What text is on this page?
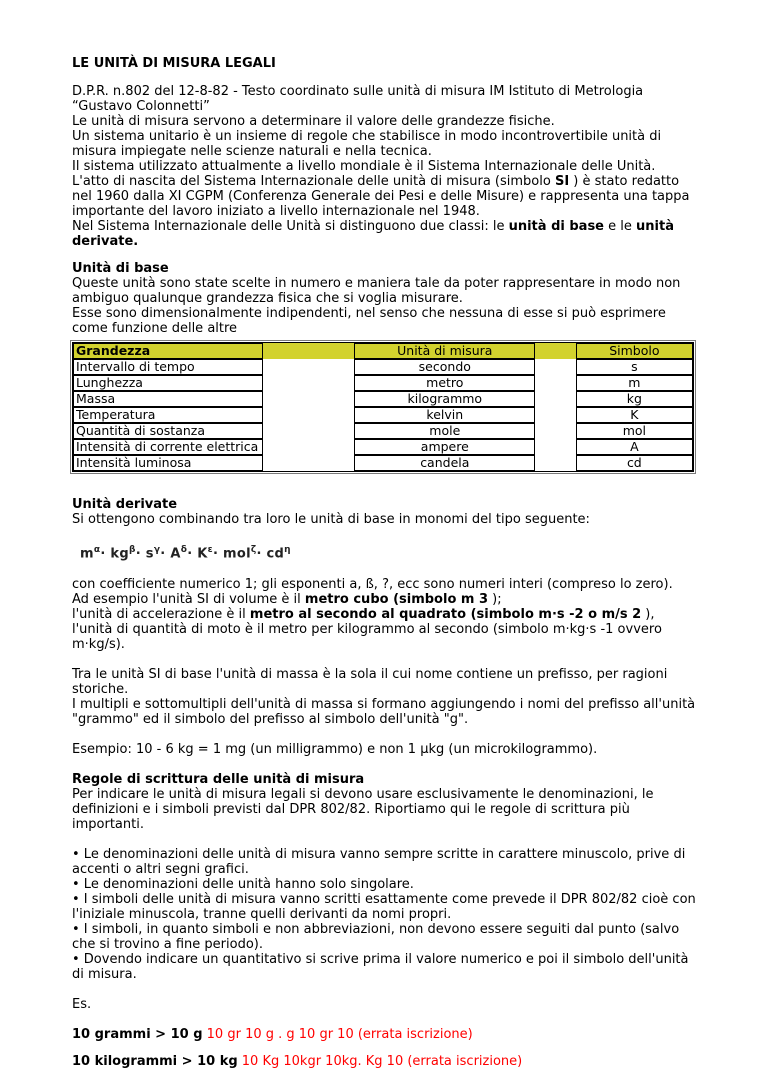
LE UNITÀ DI MISURA LEGALI

D.P.R. n.802 del 12-8-82 - Testo coordinato sulle unità di misura IM Istituto di Metrologia “Gustavo Colonnetti”

Le unità di misura servono a determinare il valore delle grandezze fisiche.

Un sistema unitario è un insieme di regole che stabilisce in modo incontrovertibile unità di misura impiegate nelle scienze naturali e nella tecnica.

Il sistema utilizzato attualmente a livello mondiale è il Sistema Internazionale delle Unità.

L'atto di nascita del Sistema Internazionale delle unità di misura (simbolo SI ) è stato redatto nel 1960 dalla XI CGPM (Conferenza Generale dei Pesi e delle Misure) e rappresenta una tappa importante del lavoro iniziato a livello internazionale nel 1948.

Nel Sistema Internazionale delle Unità si distinguono due classi: le unità di base e le unità derivate.

Unità di base

Queste unità sono state scelte in numero e maniera tale da poter rappresentare in modo non ambiguo qualunque grandezza fisica che si voglia misurare.

Esse sono dimensionalmente indipendenti, nel senso che nessuna di esse si può esprimere come funzione delle altre

Grandezza		Unità di misura		Simbolo
Intervallo di tempo		secondo		s
Lunghezza		metro		m
Massa		kilogrammo		kg
Temperatura		kelvin		K
Quantità di sostanza		mole		mol
Intensità di corrente elettrica		ampere		A
Intensità luminosa		candela		cd

Unità derivate

Si ottengono combinando tra loro le unità di base in monomi del tipo seguente:

$m^\alpha\cdot kg^\beta\cdot s^\gamma\cdot A^\delta\cdot K^\varepsilon\cdot mol^\zeta\cdot cd^\eta$

con coefficiente numerico 1; gli esponenti a, ß, ?, ecc sono numeri interi (compreso lo zero).

Ad esempio l'unità SI di volume è il metro cubo (simbolo m 3 );

l'unità di accelerazione è il metro al secondo al quadrato (simbolo m·s -2 o m/s 2 ),

l'unità di quantità di moto è il metro per kilogrammo al secondo (simbolo m·kg·s -1 ovvero m·kg/s).

Tra le unità SI di base l'unità di massa è la sola il cui nome contiene un prefisso, per ragioni storiche.

I multipli e sottomultipli dell'unità di massa si formano aggiungendo i nomi del prefisso all'unità "grammo" ed il simbolo del prefisso al simbolo dell'unità "g".

Esempio: 10 - 6 kg = 1 mg (un milligrammo) e non 1 µkg (un microkilogrammo).

Regole di scrittura delle unità di misura

Per indicare le unità di misura legali si devono usare esclusivamente le denominazioni, le definizioni e i simboli previsti dal DPR 802/82. Riportiamo qui le regole di scrittura più importanti.

• Le denominazioni delle unità di misura vanno sempre scritte in carattere minuscolo, prive di accenti o altri segni grafici.

• Le denominazioni delle unità hanno solo singolare.

• I simboli delle unità di misura vanno scritti esattamente come prevede il DPR 802/82 cioè con l'iniziale minuscola, tranne quelli derivanti da nomi propri.

• I simboli, in quanto simboli e non abbreviazioni, non devono essere seguiti dal punto (salvo che si trovino a fine periodo).

• Dovendo indicare un quantitativo si scrive prima il valore numerico e poi il simbolo dell'unità di misura.

Es.

10 grammi > 10 g 10 gr 10 g . g 10 gr 10 (errata iscrizione)

10 kilogrammi > 10 kg 10 Kg 10kgr 10kg. Kg 10 (errata iscrizione)
